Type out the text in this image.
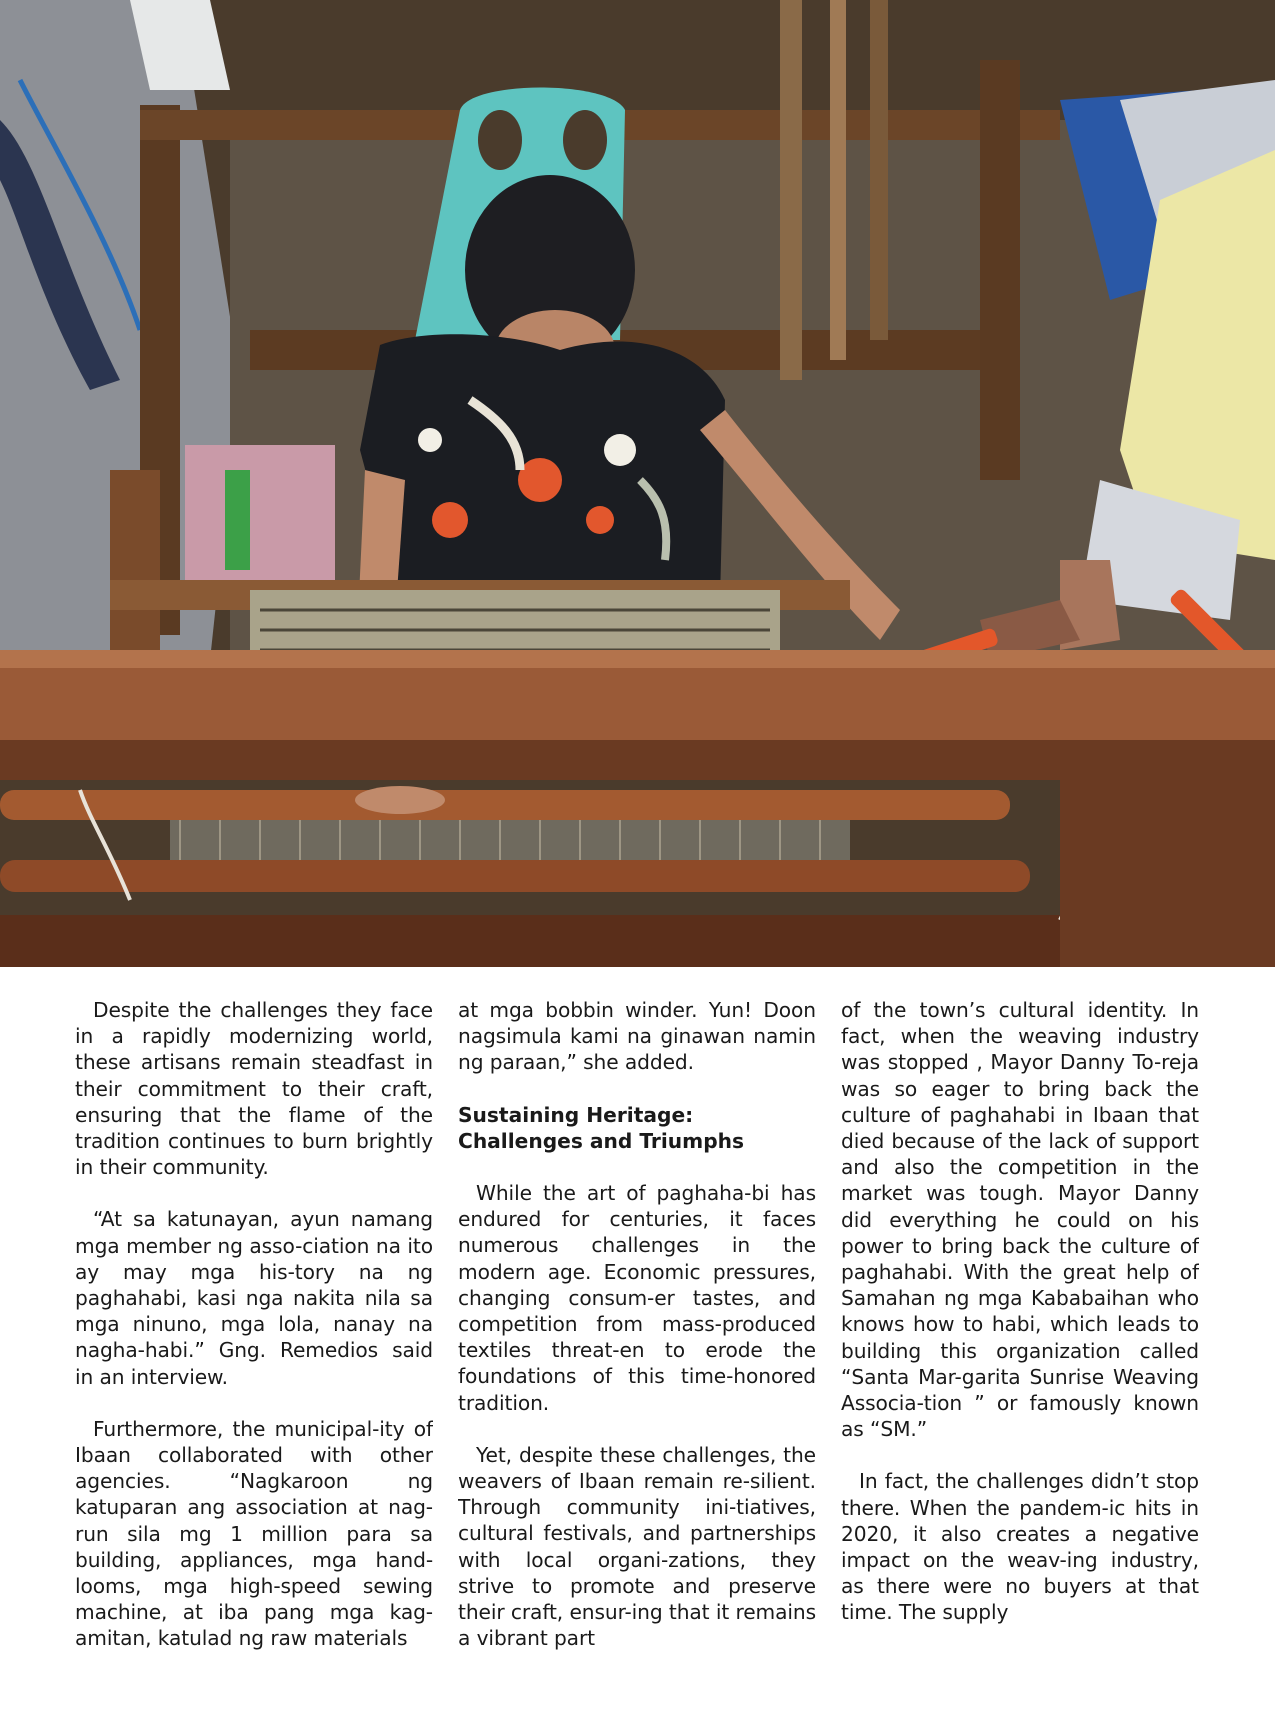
Despite the challenges they face in a rapidly modernizing world, these artisans remain steadfast in their commitment to their craft, ensuring that the flame of the tradition continues to burn brightly in their community.

“At sa katunayan, ayun namang mga member ng asso-ciation na ito ay may mga his-tory na ng paghahabi, kasi nga nakita nila sa mga ninuno, mga lola, nanay na nagha-habi.” Gng. Remedios said in an interview.

Furthermore, the municipal-ity of Ibaan collaborated with other agencies. “Nagkaroon ng katuparan ang association at nag-run sila mg 1 million para sa building, appliances, mga hand-looms, mga high-speed sewing machine, at iba pang mga kag-amitan, katulad ng raw materials

at mga bobbin winder. Yun! Doon nagsimula kami na ginawan namin ng paraan,” she added.

Sustaining Heritage:
Challenges and Triumphs

While the art of paghaha-bi has endured for centuries, it faces numerous challenges in the modern age. Economic pressures, changing consum-er tastes, and competition from mass-produced textiles threat-en to erode the foundations of this time-honored tradition.

Yet, despite these challenges, the weavers of Ibaan remain re-silient. Through community ini-tiatives, cultural festivals, and partnerships with local organi-zations, they strive to promote and preserve their craft, ensur-ing that it remains a vibrant part

of the town’s cultural identity. In fact, when the weaving industry was stopped , Mayor Danny To-reja was so eager to bring back the culture of paghahabi in Ibaan that died because of the lack of support and also the competition in the market was tough. Mayor Danny did everything he could on his power to bring back the culture of paghahabi. With the great help of Samahan ng mga Kababaihan who knows how to habi, which leads to building this organization called “Santa Mar-garita Sunrise Weaving Associa-tion ” or famously known as “SM.”

In fact, the challenges didn’t stop there. When the pandem-ic hits in 2020, it also creates a negative impact on the weav-ing industry, as there were no buyers at that time. The supply
